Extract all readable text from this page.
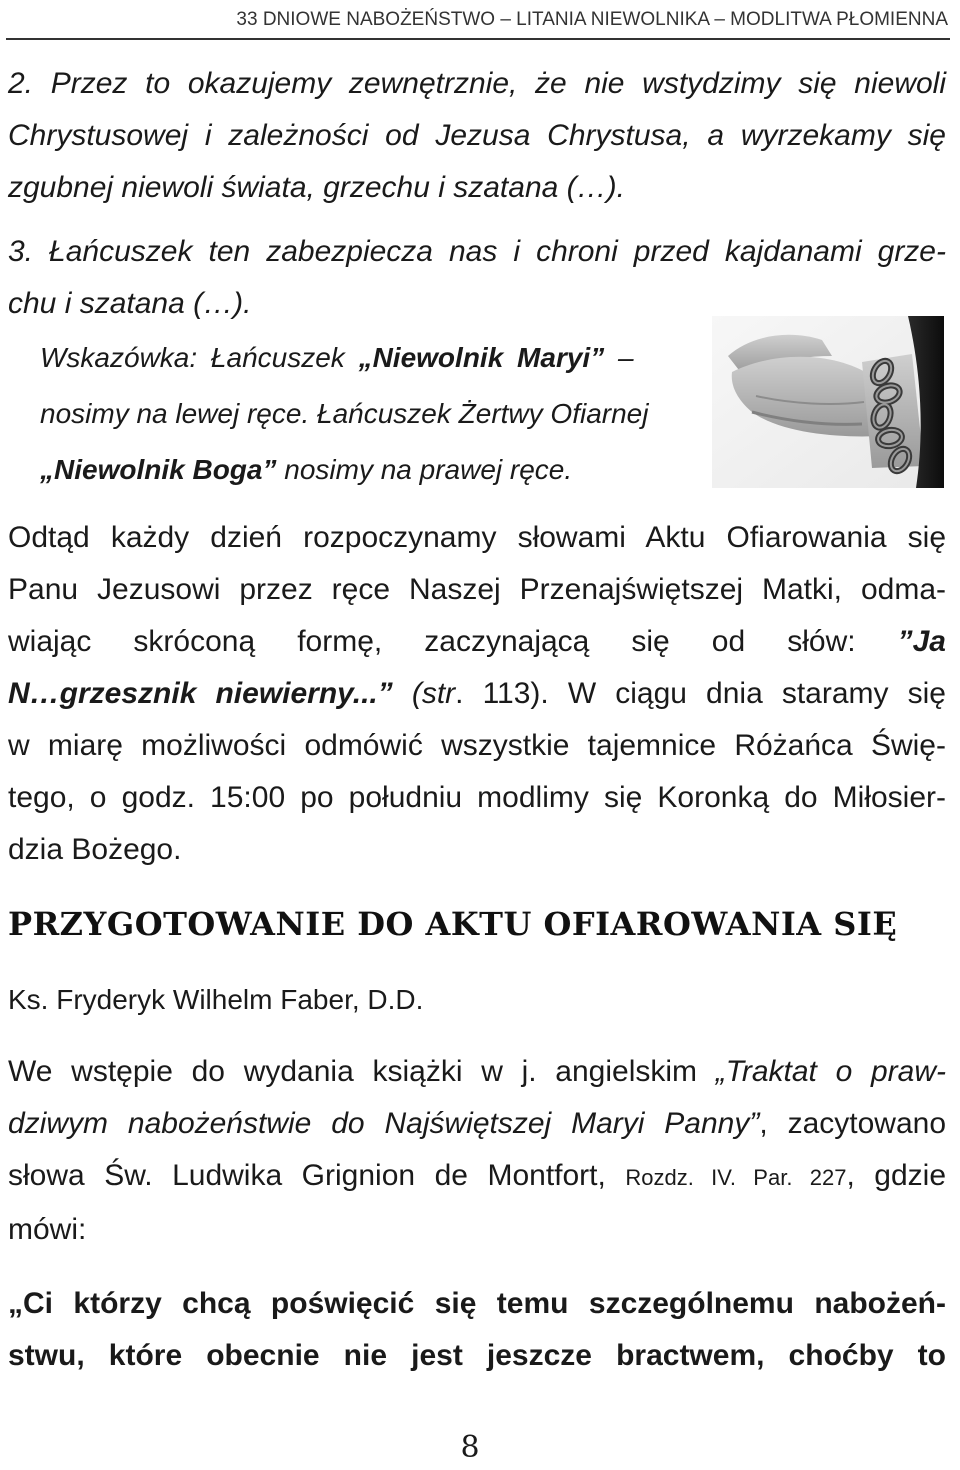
33 DNIOWE NABOŻEŃSTWO – LITANIA NIEWOLNIKA – MODLITWA PŁOMIENNA
2. Przez to okazujemy zewnętrznie, że nie wstydzimy się niewoli
Chrystusowej i zależności od Jezusa Chrystusa, a wyrzekamy się
zgubnej niewoli świata, grzechu i szatana (…).
3. Łańcuszek ten zabezpiecza nas i chroni przed kajdanami grze-
chu i szatana (…).
Wskazówka: Łańcuszek „Niewolnik Maryi” –
nosimy na lewej ręce. Łańcuszek Żertwy Ofiarnej
„Niewolnik Boga” nosimy na prawej ręce.
Odtąd każdy dzień rozpoczynamy słowami Aktu Ofiarowania się
Panu Jezusowi przez ręce Naszej Przenajświętszej Matki, odma-
wiając skróconą formę, zaczynającą się od słów: ”Ja
N…grzesznik niewierny...” (str. 113). W ciągu dnia staramy się
w miarę możliwości odmówić wszystkie tajemnice Różańca Świę-
tego, o godz. 15:00 po południu modlimy się Koronką do Miłosier-
dzia Bożego.
PRZYGOTOWANIE DO AKTU OFIAROWANIA SIĘ
Ks. Fryderyk Wilhelm Faber, D.D.
We wstępie do wydania książki w j. angielskim „Traktat o praw-
dziwym nabożeństwie do Najświętszej Maryi Panny”, zacytowano
słowa Św. Ludwika Grignion de Montfort, Rozdz. IV. Par. 227, gdzie
mówi:
„Ci którzy chcą poświęcić się temu szczególnemu nabożeń-
stwu, które obecnie nie jest jeszcze bractwem, choćby to
8
